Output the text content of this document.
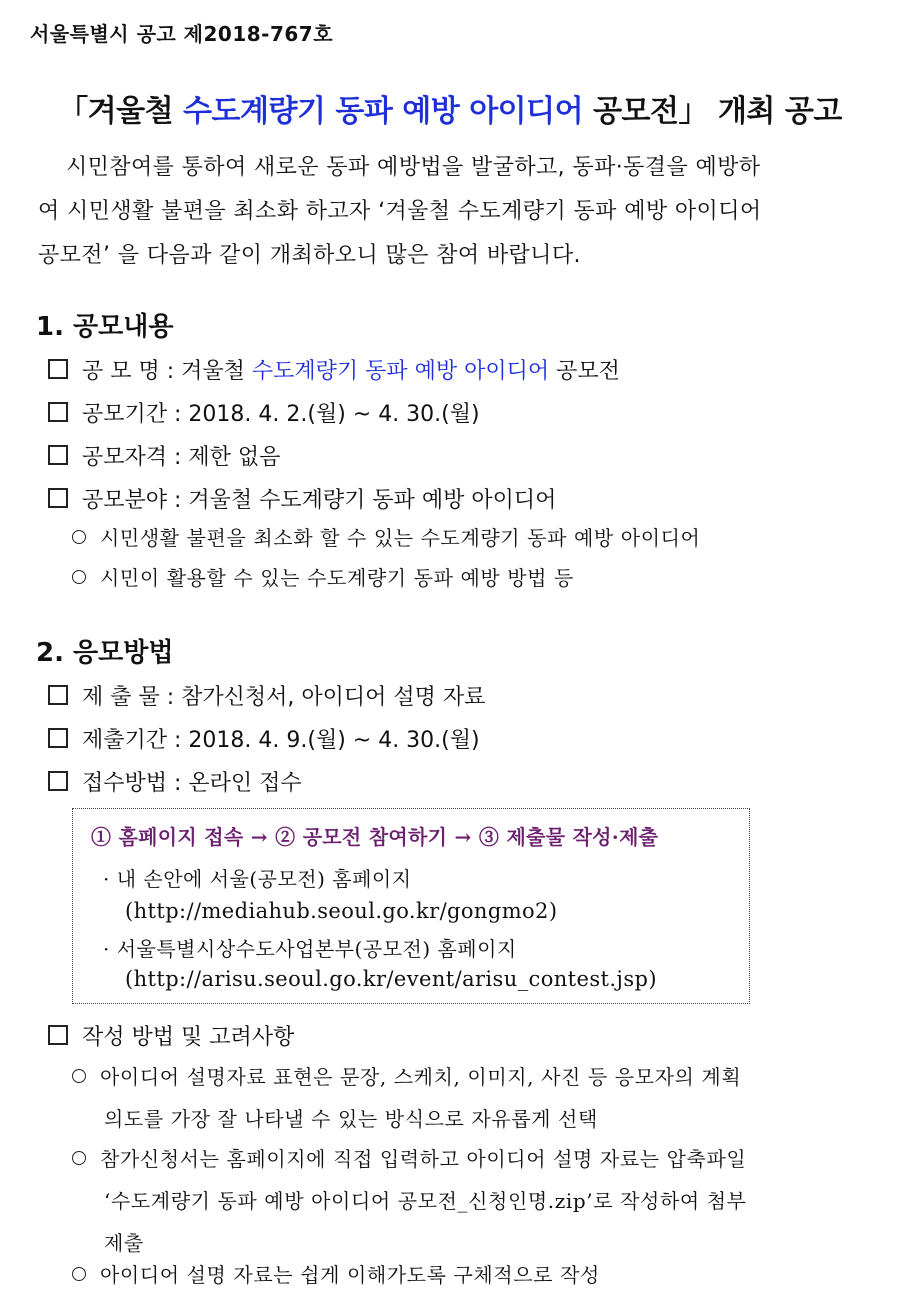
서울특별시 공고 제2018-767호
「겨울철 수도계량기 동파 예방 아이디어 공모전」 개최 공고
시민참여를 통하여 새로운 동파 예방법을 발굴하고, 동파·동결을 예방하
여 시민생활 불편을 최소화 하고자 ‘겨울철 수도계량기 동파 예방 아이디어
공모전’ 을 다음과 같이 개최하오니 많은 참여 바랍니다.
1. 공모내용
공 모 명 : 겨울철 수도계량기 동파 예방 아이디어 공모전
공모기간 : 2018. 4. 2.(월) ~ 4. 30.(월)
공모자격 : 제한 없음
공모분야 : 겨울철 수도계량기 동파 예방 아이디어
시민생활 불편을 최소화 할 수 있는 수도계량기 동파 예방 아이디어
시민이 활용할 수 있는 수도계량기 동파 예방 방법 등
2. 응모방법
제 출 물 : 참가신청서, 아이디어 설명 자료
제출기간 : 2018. 4. 9.(월) ~ 4. 30.(월)
접수방법 : 온라인 접수
① 홈페이지 접속 → ② 공모전 참여하기 → ③ 제출물 작성·제출
· 내 손안에 서울(공모전) 홈페이지
(http://mediahub.seoul.go.kr/gongmo2)
· 서울특별시상수도사업본부(공모전) 홈페이지
(http://arisu.seoul.go.kr/event/arisu_contest.jsp)
작성 방법 및 고려사항
아이디어 설명자료 표현은 문장, 스케치, 이미지, 사진 등 응모자의 계획
의도를 가장 잘 나타낼 수 있는 방식으로 자유롭게 선택
참가신청서는 홈페이지에 직접 입력하고 아이디어 설명 자료는 압축파일
‘수도계량기 동파 예방 아이디어 공모전_신청인명.zip’로 작성하여 첨부
제출
아이디어 설명 자료는 쉽게 이해가도록 구체적으로 작성
